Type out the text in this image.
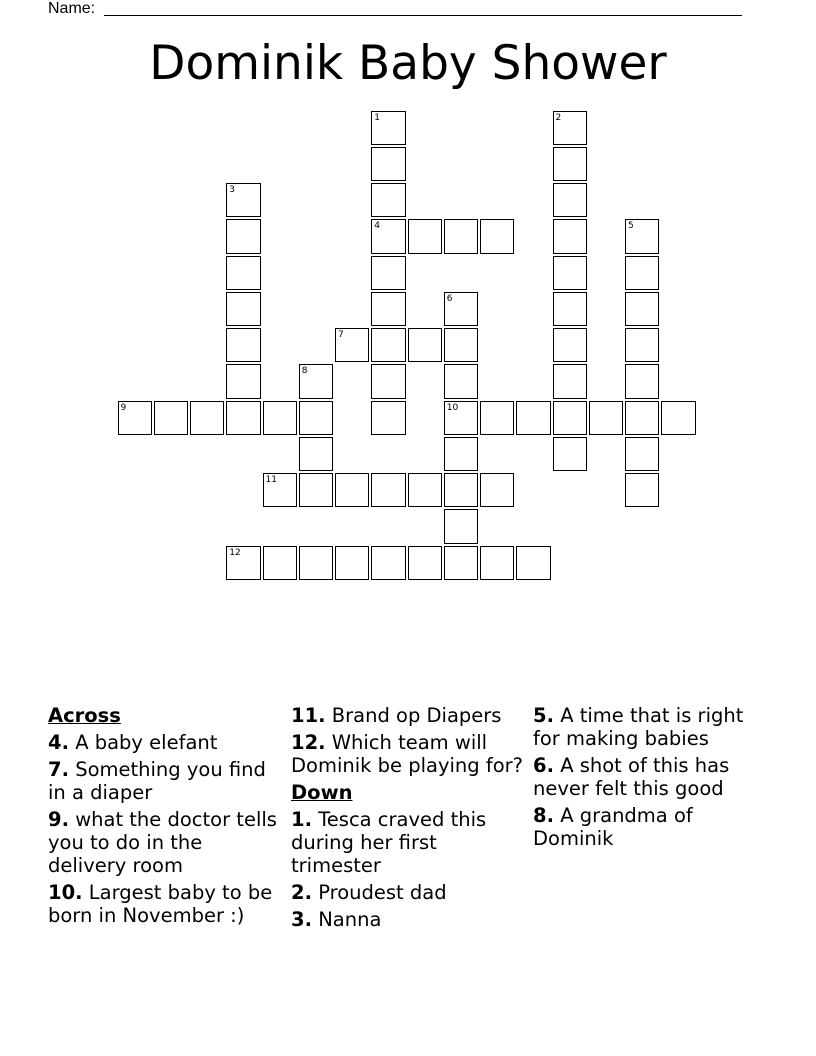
Name:
Dominik Baby Shower
1
4
2
3
5
6
10
7
8
9
11
12
Across
4. A baby elefant
7. Something you find in a diaper
9. what the doctor tells you to do in the delivery room
10. Largest baby to be born in November :)
11. Brand op Diapers
12. Which team will Dominik be playing for?
Down
1. Tesca craved this during her first trimester
2. Proudest dad
3. Nanna
5. A time that is right for making babies
6. A shot of this has never felt this good
8. A grandma of Dominik
